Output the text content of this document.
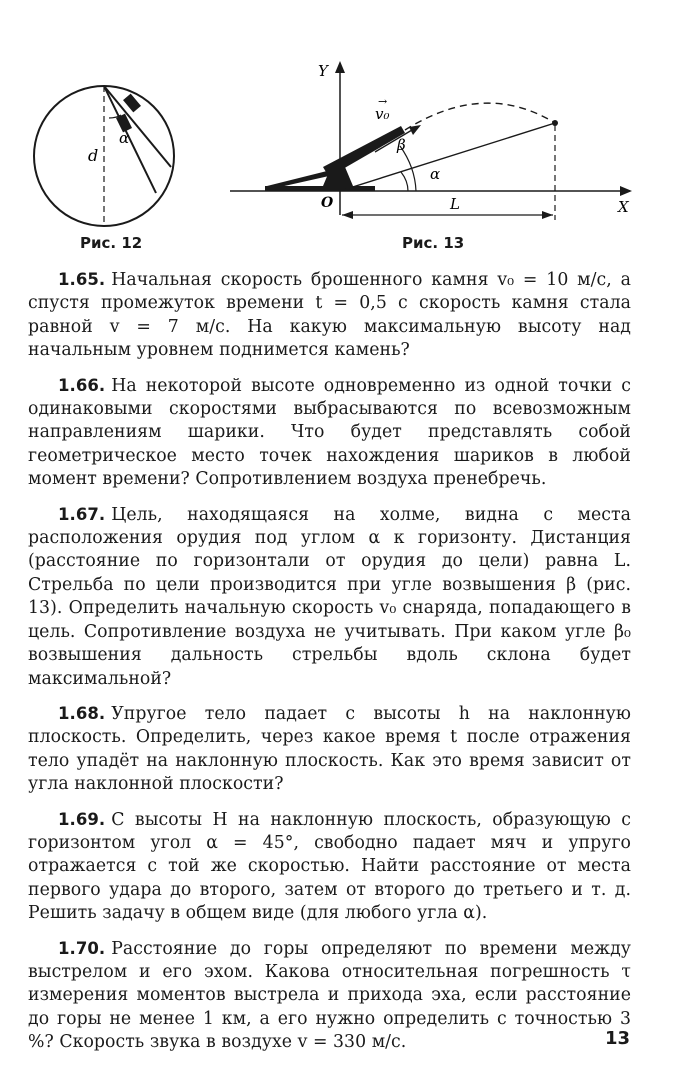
α
d
Рис. 12
Y
X
O	L
v₀
→
β
α
Рис. 13

1.65. Начальная скорость брошенного камня v₀ = 10 м/с, а спустя промежуток времени t = 0,5 с скорость камня стала равной v = 7 м/с. На какую максимальную высоту над начальным уровнем поднимется камень?

1.66. На некоторой высоте одновременно из одной точки с одинаковыми скоростями выбрасываются по всевозможным направлениям шарики. Что будет представлять собой геометрическое место точек нахождения шариков в любой момент времени? Сопротивлением воздуха пренебречь.

1.67. Цель, находящаяся на холме, видна с места расположения орудия под углом α к горизонту. Дистанция (расстояние по горизонтали от орудия до цели) равна L. Стрельба по цели производится при угле возвышения β (рис. 13). Определить начальную скорость v₀ снаряда, попадающего в цель. Сопротивление воздуха не учитывать. При каком угле β₀ возвышения дальность стрельбы вдоль склона будет максимальной?

1.68. Упругое тело падает с высоты h на наклонную плоскость. Определить, через какое время t после отражения тело упадёт на наклонную плоскость. Как это время зависит от угла наклонной плоскости?

1.69. С высоты H на наклонную плоскость, образующую с горизонтом угол α = 45°, свободно падает мяч и упруго отражается с той же скоростью. Найти расстояние от места первого удара до второго, затем от второго до третьего и т. д. Решить задачу в общем виде (для любого угла α).

1.70. Расстояние до горы определяют по времени между выстрелом и его эхом. Какова относительная погрешность τ измерения моментов выстрела и прихода эха, если расстояние до горы не менее 1 км, а его нужно определить с точностью 3 %? Скорость звука в воздухе v = 330 м/с.	13
